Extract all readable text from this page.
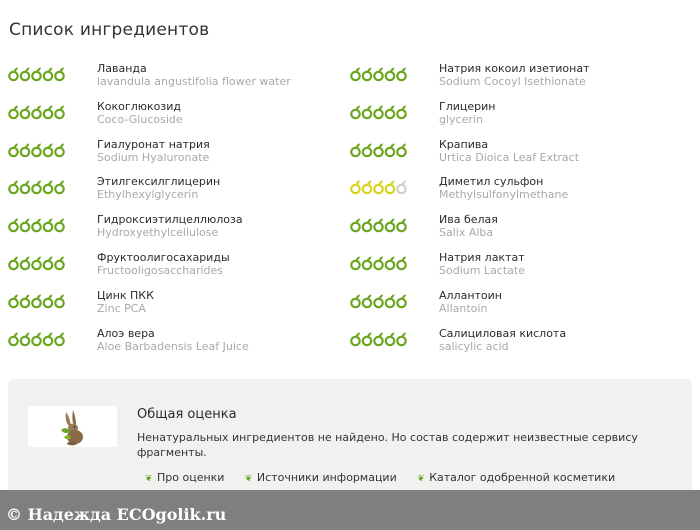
Список ингредиентов
Лаванда
lavandula angustifolia flower water
Кокоглюкозид
Coco-Glucoside
Гиалуронат натрия
Sodium Hyaluronate
Этилгексилглицерин
Ethylhexylglycerin
Гидроксиэтилцеллюлоза
Hydroxyethylcellulose
Фруктоолигосахариды
Fructooligosaccharides
Цинк ПКК
Zinc PCA
Алоэ вера
Aloe Barbadensis Leaf Juice
Натрия кокоил изетионат
Sodium Cocoyl Isethionate
Глицерин
glycerin
Крапива
Urtica Dioica Leaf Extract
Диметил сульфон
Methylsulfonylmethane
Ива белая
Salix Alba
Натрия лактат
Sodium Lactate
Аллантоин
Allantoin
Салициловая кислота
salicylic acid
Общая оценка
Ненатуральных ингредиентов не найдено. Но состав содержит неизвестные сервису фрагменты.
❦ Про оценки ❦ Источники информации ❦ Каталог одобренной косметики
© Надежда ECOgolik.ru
